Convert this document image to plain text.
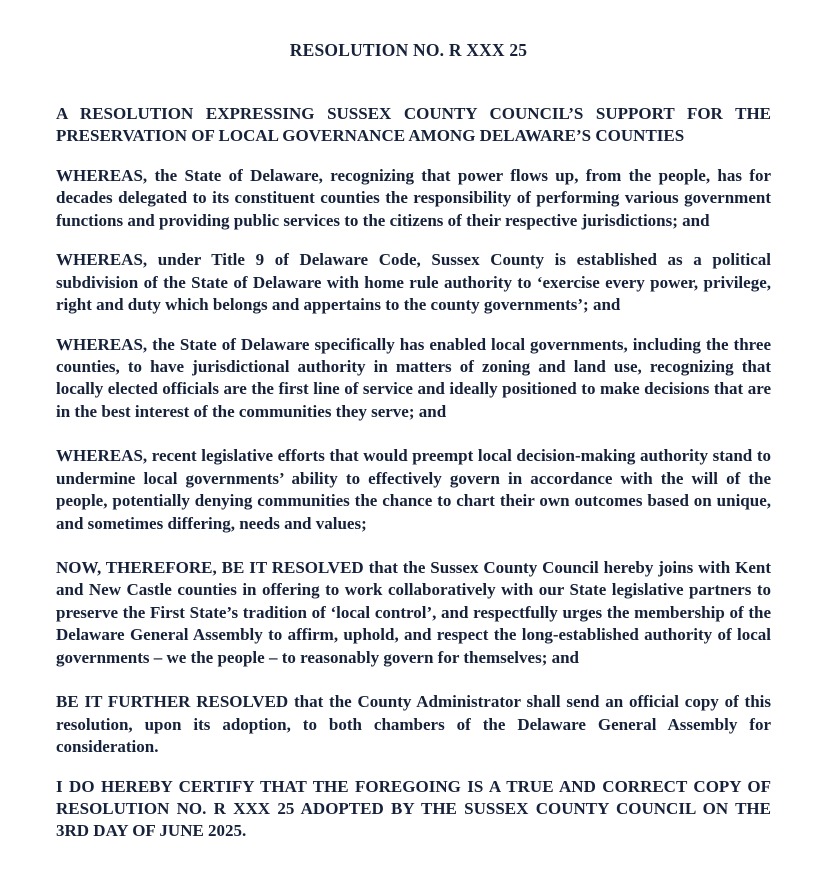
RESOLUTION NO. R XXX 25
A RESOLUTION EXPRESSING SUSSEX COUNTY COUNCIL’S SUPPORT FOR THE PRESERVATION OF LOCAL GOVERNANCE AMONG DELAWARE’S COUNTIES

WHEREAS, the State of Delaware, recognizing that power flows up, from the people, has for decades delegated to its constituent counties the responsibility of performing various government functions and providing public services to the citizens of their respective jurisdictions; and

WHEREAS, under Title 9 of Delaware Code, Sussex County is established as a political subdivision of the State of Delaware with home rule authority to ‘exercise every power, privilege, right and duty which belongs and appertains to the county governments’; and

WHEREAS, the State of Delaware specifically has enabled local governments, including the three counties, to have jurisdictional authority in matters of zoning and land use, recognizing that locally elected officials are the first line of service and ideally positioned to make decisions that are in the best interest of the communities they serve; and

WHEREAS, recent legislative efforts that would preempt local decision-making authority stand to undermine local governments’ ability to effectively govern in accordance with the will of the people, potentially denying communities the chance to chart their own outcomes based on unique, and sometimes differing, needs and values;

NOW, THEREFORE, BE IT RESOLVED that the Sussex County Council hereby joins with Kent and New Castle counties in offering to work collaboratively with our State legislative partners to preserve the First State’s tradition of ‘local control’, and respectfully urges the membership of the Delaware General Assembly to affirm, uphold, and respect the long-established authority of local governments – we the people – to reasonably govern for themselves; and

BE IT FURTHER RESOLVED that the County Administrator shall send an official copy of this resolution, upon its adoption, to both chambers of the Delaware General Assembly for consideration.

I DO HEREBY CERTIFY THAT THE FOREGOING IS A TRUE AND CORRECT COPY OF RESOLUTION NO. R XXX 25 ADOPTED BY THE SUSSEX COUNTY COUNCIL ON THE 3RD DAY OF JUNE 2025.
